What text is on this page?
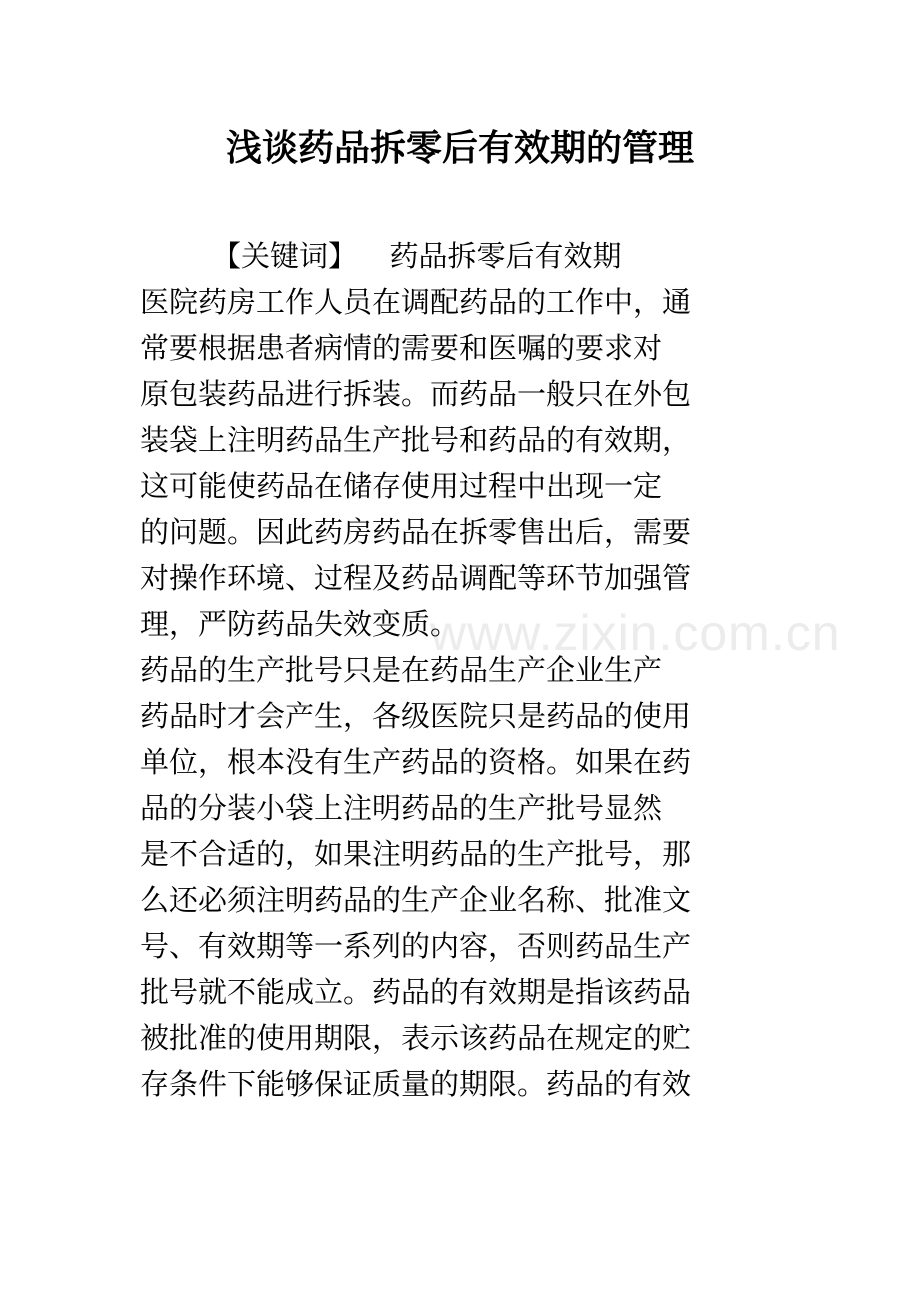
www.zixin.com.cn
浅谈药品拆零后有效期的管理
【关键词】 药品拆零后有效期

医院药房工作人员在调配药品的工作中，通

常要根据患者病情的需要和医嘱的要求对

原包装药品进行拆装。而药品一般只在外包

装袋上注明药品生产批号和药品的有效期，

这可能使药品在储存使用过程中出现一定

的问题。因此药房药品在拆零售出后，需要

对操作环境、过程及药品调配等环节加强管

理，严防药品失效变质。

药品的生产批号只是在药品生产企业生产

药品时才会产生，各级医院只是药品的使用

单位，根本没有生产药品的资格。如果在药

品的分装小袋上注明药品的生产批号显然

是不合适的，如果注明药品的生产批号，那

么还必须注明药品的生产企业名称、批准文

号、有效期等一系列的内容，否则药品生产

批号就不能成立。药品的有效期是指该药品

被批准的使用期限，表示该药品在规定的贮

存条件下能够保证质量的期限。药品的有效
